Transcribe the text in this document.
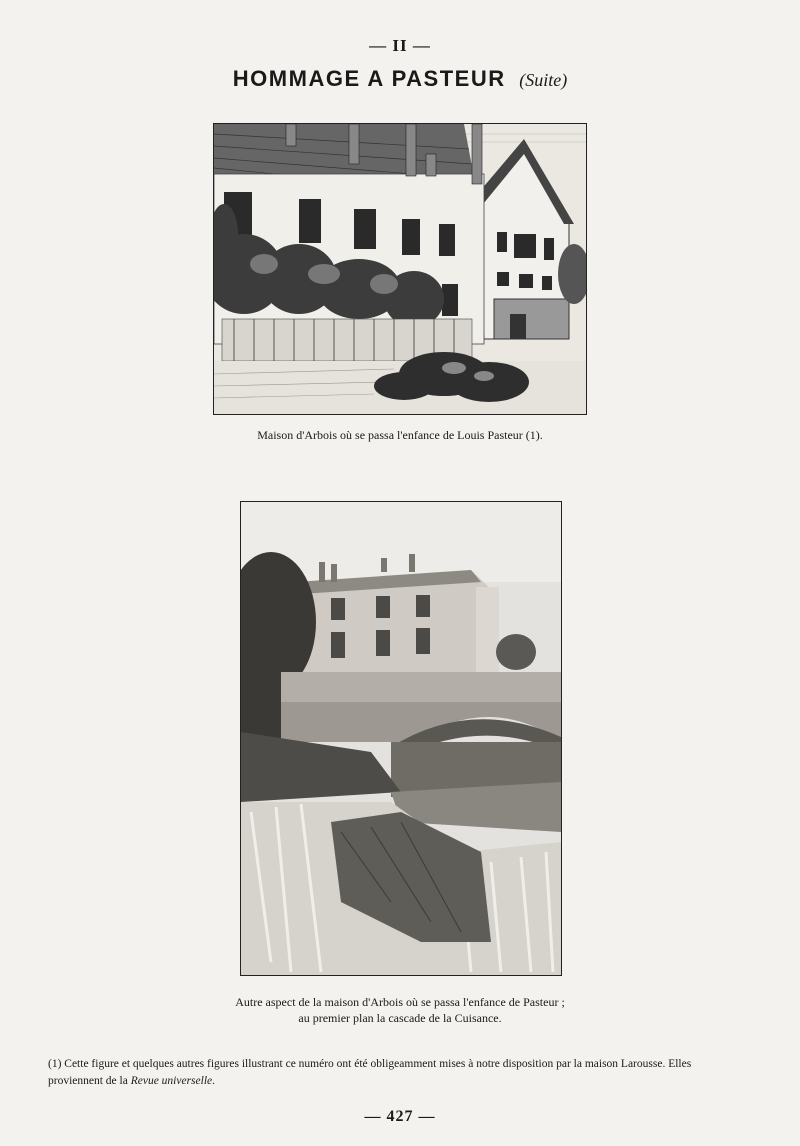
— II —
HOMMAGE A PASTEUR (Suite)
Maison d'Arbois où se passa l'enfance de Louis Pasteur (1).
Autre aspect de la maison d'Arbois où se passa l'enfance de Pasteur ; au premier plan la cascade de la Cuisance.
(1) Cette figure et quelques autres figures illustrant ce numéro ont été obligeamment mises à notre disposition par la maison Larousse. Elles proviennent de la Revue universelle.
— 427 —
